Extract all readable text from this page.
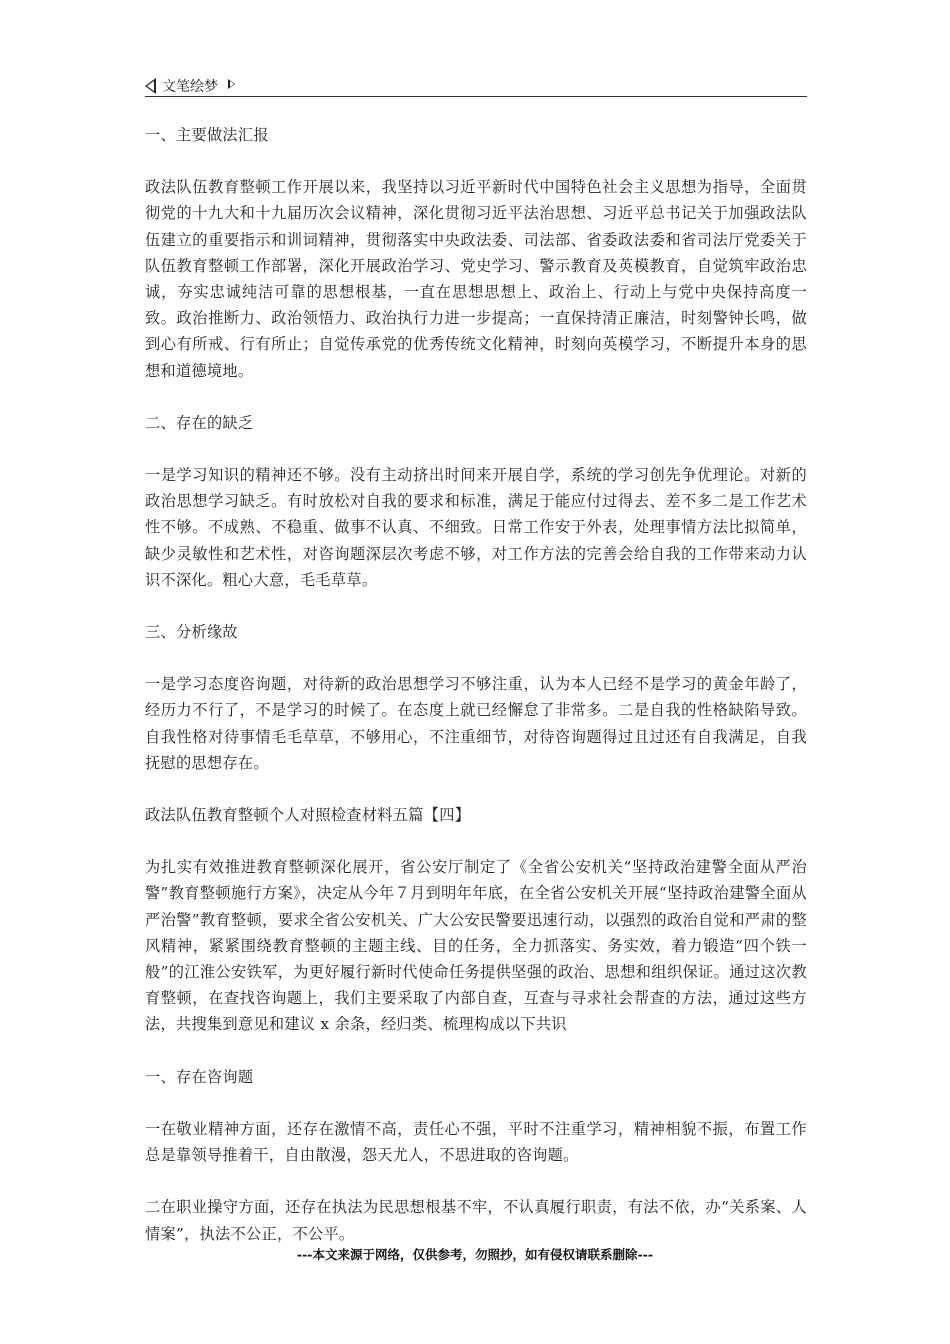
文笔绘梦

一、主要做法汇报

政法队伍教育整顿工作开展以来，我坚持以习近平新时代中国特色社会主义思想为指导，全面贯彻党的十九大和十九届历次会议精神，深化贯彻习近平法治思想、习近平总书记关于加强政法队伍建立的重要指示和训词精神，贯彻落实中央政法委、司法部、省委政法委和省司法厅党委关于队伍教育整顿工作部署，深化开展政治学习、党史学习、警示教育及英模教育，自觉筑牢政治忠诚，夯实忠诚纯洁可靠的思想根基，一直在思想思想上、政治上、行动上与党中央保持高度一致。政治推断力、政治领悟力、政治执行力进一步提高；一直保持清正廉洁，时刻警钟长鸣，做到心有所戒、行有所止；自觉传承党的优秀传统文化精神，时刻向英模学习，不断提升本身的思想和道德境地。

二、存在的缺乏

一是学习知识的精神还不够。没有主动挤出时间来开展自学，系统的学习创先争优理论。对新的政治思想学习缺乏。有时放松对自我的要求和标准，满足于能应付过得去、差不多二是工作艺术性不够。不成熟、不稳重、做事不认真、不细致。日常工作安于外表，处理事情方法比拟简单，缺少灵敏性和艺术性，对咨询题深层次考虑不够，对工作方法的完善会给自我的工作带来动力认识不深化。粗心大意，毛毛草草。

三、分析缘故

一是学习态度咨询题，对待新的政治思想学习不够注重，认为本人已经不是学习的黄金年龄了，经历力不行了，不是学习的时候了。在态度上就已经懈怠了非常多。二是自我的性格缺陷导致。自我性格对待事情毛毛草草，不够用心，不注重细节，对待咨询题得过且过还有自我满足，自我抚慰的思想存在。

政法队伍教育整顿个人对照检查材料五篇【四】

为扎实有效推进教育整顿深化展开，省公安厅制定了《全省公安机关“坚持政治建警全面从严治警”教育整顿施行方案》，决定从今年７月到明年年底，在全省公安机关开展“坚持政治建警全面从严治警”教育整顿，要求全省公安机关、广大公安民警要迅速行动，以强烈的政治自觉和严肃的整风精神，紧紧围绕教育整顿的主题主线、目的任务，全力抓落实、务实效，着力锻造“四个铁一般”的江淮公安铁军，为更好履行新时代使命任务提供坚强的政治、思想和组织保证。通过这次教育整顿，在查找咨询题上，我们主要采取了内部自查，互查与寻求社会帮查的方法，通过这些方法，共搜集到意见和建议 x 余条，经归类、梳理构成以下共识

一、存在咨询题

一在敬业精神方面，还存在激情不高，责任心不强，平时不注重学习，精神相貌不振，布置工作总是靠领导推着干，自由散漫，怨天尤人，不思进取的咨询题。

二在职业操守方面，还存在执法为民思想根基不牢，不认真履行职责，有法不依，办“关系案、人情案”，执法不公正，不公平。

---本文来源于网络，仅供参考，勿照抄，如有侵权请联系删除---
